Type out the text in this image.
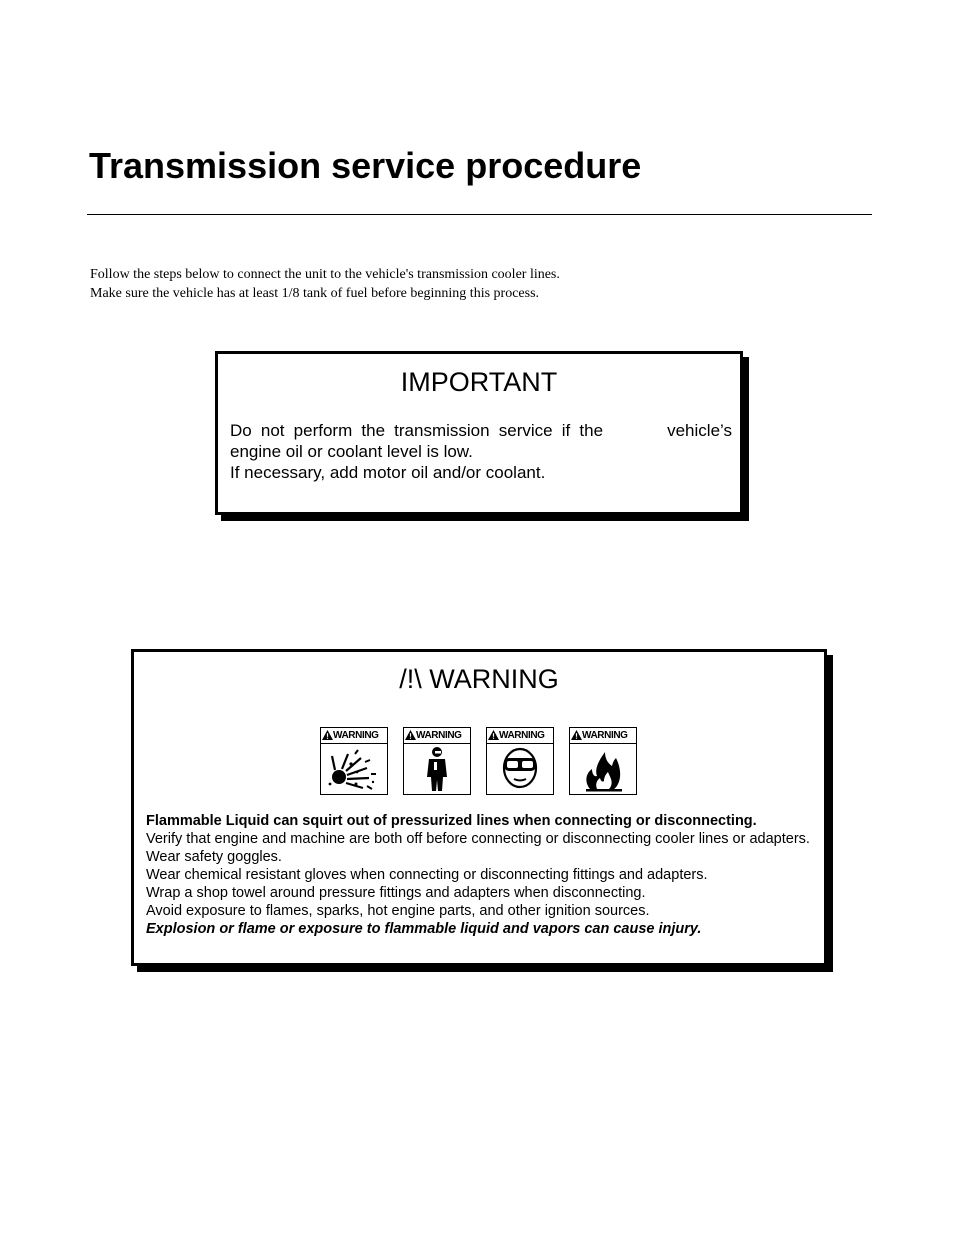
Transmission service procedure

Follow the steps below to connect the unit to the vehicle's transmission cooler lines.

Make sure the vehicle has at least 1/8 tank of fuel before beginning this process.

IMPORTANT

Do not perform the transmission service if the       vehicle’s

engine oil or coolant level is low.

If necessary, add motor oil and/or coolant.

/!\ WARNING
WARNING	WARNING	WARNING	WARNING

Flammable Liquid can squirt out of pressurized lines when connecting or disconnecting.

Verify that engine and machine are both off before connecting or disconnecting cooler lines or adapters.

Wear safety goggles.

Wear chemical resistant gloves when connecting or disconnecting fittings and adapters.

Wrap a shop towel around pressure fittings and adapters when disconnecting.

Avoid exposure to flames, sparks, hot engine parts, and other ignition sources.

Explosion or flame or exposure to flammable liquid and vapors can cause injury.
